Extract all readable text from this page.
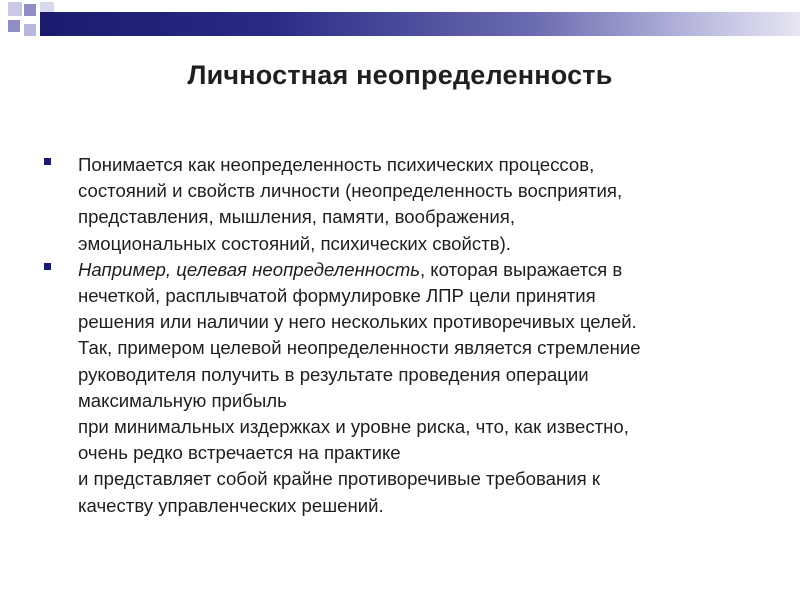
Личностная неопределенность
Понимается как неопределенность психических процессов,
состояний и свойств личности (неопределенность восприятия,
представления, мышления, памяти, воображения,
эмоциональных состояний, психических свойств).
Например, целевая неопределенность, которая выражается в
нечеткой, расплывчатой формулировке ЛПР цели принятия
решения или наличии у него нескольких противоречивых целей.
Так, примером целевой неопределенности является стремление
руководителя получить в результате проведения операции
максимальную прибыль
при минимальных издержках и уровне риска, что, как известно,
очень редко встречается на практике
и представляет собой крайне противоречивые требования к
качеству управленческих решений.
